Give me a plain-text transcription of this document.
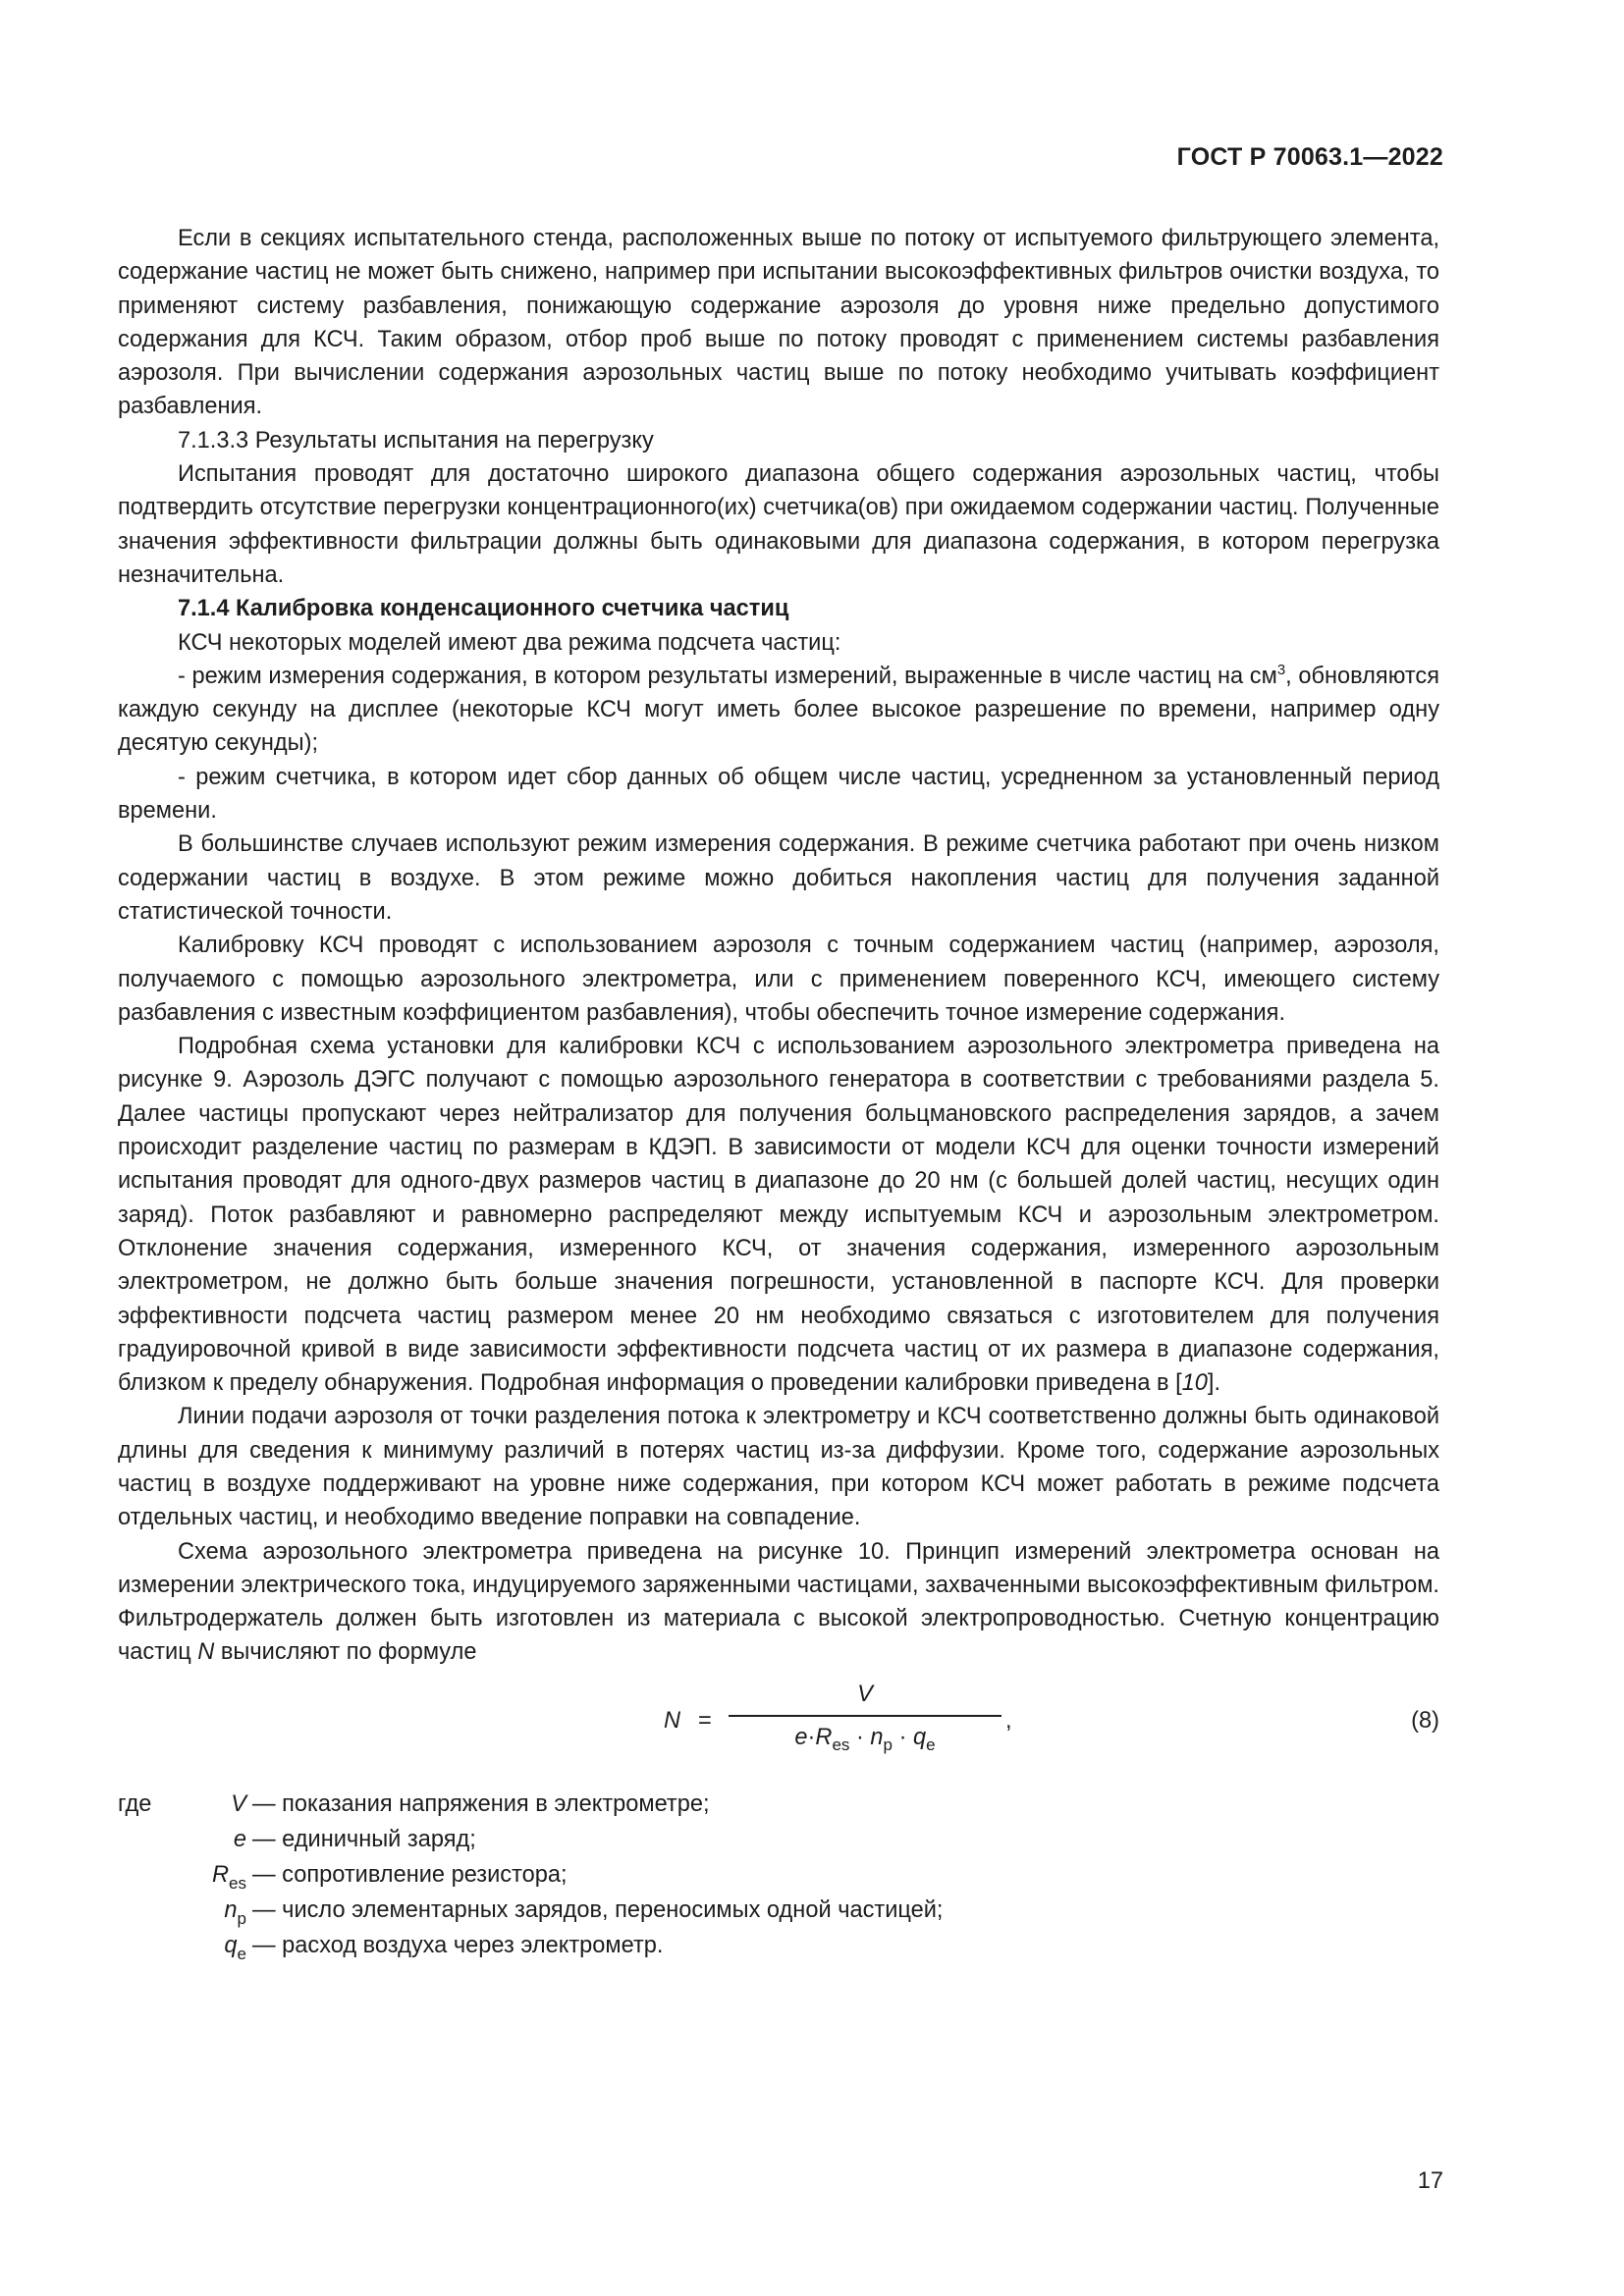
ГОСТ Р 70063.1—2022

Если в секциях испытательного стенда, расположенных выше по потоку от испытуемого фильтрующего элемента, содержание частиц не может быть снижено, например при испытании высокоэффективных фильтров очистки воздуха, то применяют систему разбавления, понижающую содержание аэрозоля до уровня ниже предельно допустимого содержания для КСЧ. Таким образом, отбор проб выше по потоку проводят с применением системы разбавления аэрозоля. При вычислении содержания аэрозольных частиц выше по потоку необходимо учитывать коэффициент разбавления.

7.1.3.3 Результаты испытания на перегрузку

Испытания проводят для достаточно широкого диапазона общего содержания аэрозольных частиц, чтобы подтвердить отсутствие перегрузки концентрационного(их) счетчика(ов) при ожидаемом содержании частиц. Полученные значения эффективности фильтрации должны быть одинаковыми для диапазона содержания, в котором перегрузка незначительна.

7.1.4 Калибровка конденсационного счетчика частиц

КСЧ некоторых моделей имеют два режима подсчета частиц:

- режим измерения содержания, в котором результаты измерений, выраженные в числе частиц на $см^3$, обновляются каждую секунду на дисплее (некоторые КСЧ могут иметь более высокое разрешение по времени, например одну десятую секунды);

- режим счетчика, в котором идет сбор данных об общем числе частиц, усредненном за установленный период времени.

В большинстве случаев используют режим измерения содержания. В режиме счетчика работают при очень низком содержании частиц в воздухе. В этом режиме можно добиться накопления частиц для получения заданной статистической точности.

Калибровку КСЧ проводят с использованием аэрозоля с точным содержанием частиц (например, аэрозоля, получаемого с помощью аэрозольного электрометра, или с применением поверенного КСЧ, имеющего систему разбавления с известным коэффициентом разбавления), чтобы обеспечить точное измерение содержания.

Подробная схема установки для калибровки КСЧ с использованием аэрозольного электрометра приведена на рисунке 9. Аэрозоль ДЭГС получают с помощью аэрозольного генератора в соответствии с требованиями раздела 5. Далее частицы пропускают через нейтрализатор для получения больцмановского распределения зарядов, а зачем происходит разделение частиц по размерам в КДЭП. В зависимости от модели КСЧ для оценки точности измерений испытания проводят для одного-двух размеров частиц в диапазоне до 20 нм (с большей долей частиц, несущих один заряд). Поток разбавляют и равномерно распределяют между испытуемым КСЧ и аэрозольным электрометром. Отклонение значения содержания, измеренного КСЧ, от значения содержания, измеренного аэрозольным электрометром, не должно быть больше значения погрешности, установленной в паспорте КСЧ. Для проверки эффективности подсчета частиц размером менее 20 нм необходимо связаться с изготовителем для получения градуировочной кривой в виде зависимости эффективности подсчета частиц от их размера в диапазоне содержания, близком к пределу обнаружения. Подробная информация о проведении калибровки приведена в [10].

Линии подачи аэрозоля от точки разделения потока к электрометру и КСЧ соответственно должны быть одинаковой длины для сведения к минимуму различий в потерях частиц из-за диффузии. Кроме того, содержание аэрозольных частиц в воздухе поддерживают на уровне ниже содержания, при котором КСЧ может работать в режиме подсчета отдельных частиц, и необходимо введение поправки на совпадение.

Схема аэрозольного электрометра приведена на рисунке 10. Принцип измерений электрометра основан на измерении электрического тока, индуцируемого заряженными частицами, захваченными высокоэффективным фильтром. Фильтродержатель должен быть изготовлен из материала с высокой электропроводностью. Счетную концентрацию частиц N вычисляют по формуле

N =
V
$e\cdot R_{es} \cdot n_p \cdot q_e$
,	(8)
где	V — показания напряжения в электрометре;
e — единичный заряд;
$R_{es}$ — сопротивление резистора;
$n_p$ — число элементарных зарядов, переносимых одной частицей;
$q_e$ — расход воздуха через электрометр.
17
